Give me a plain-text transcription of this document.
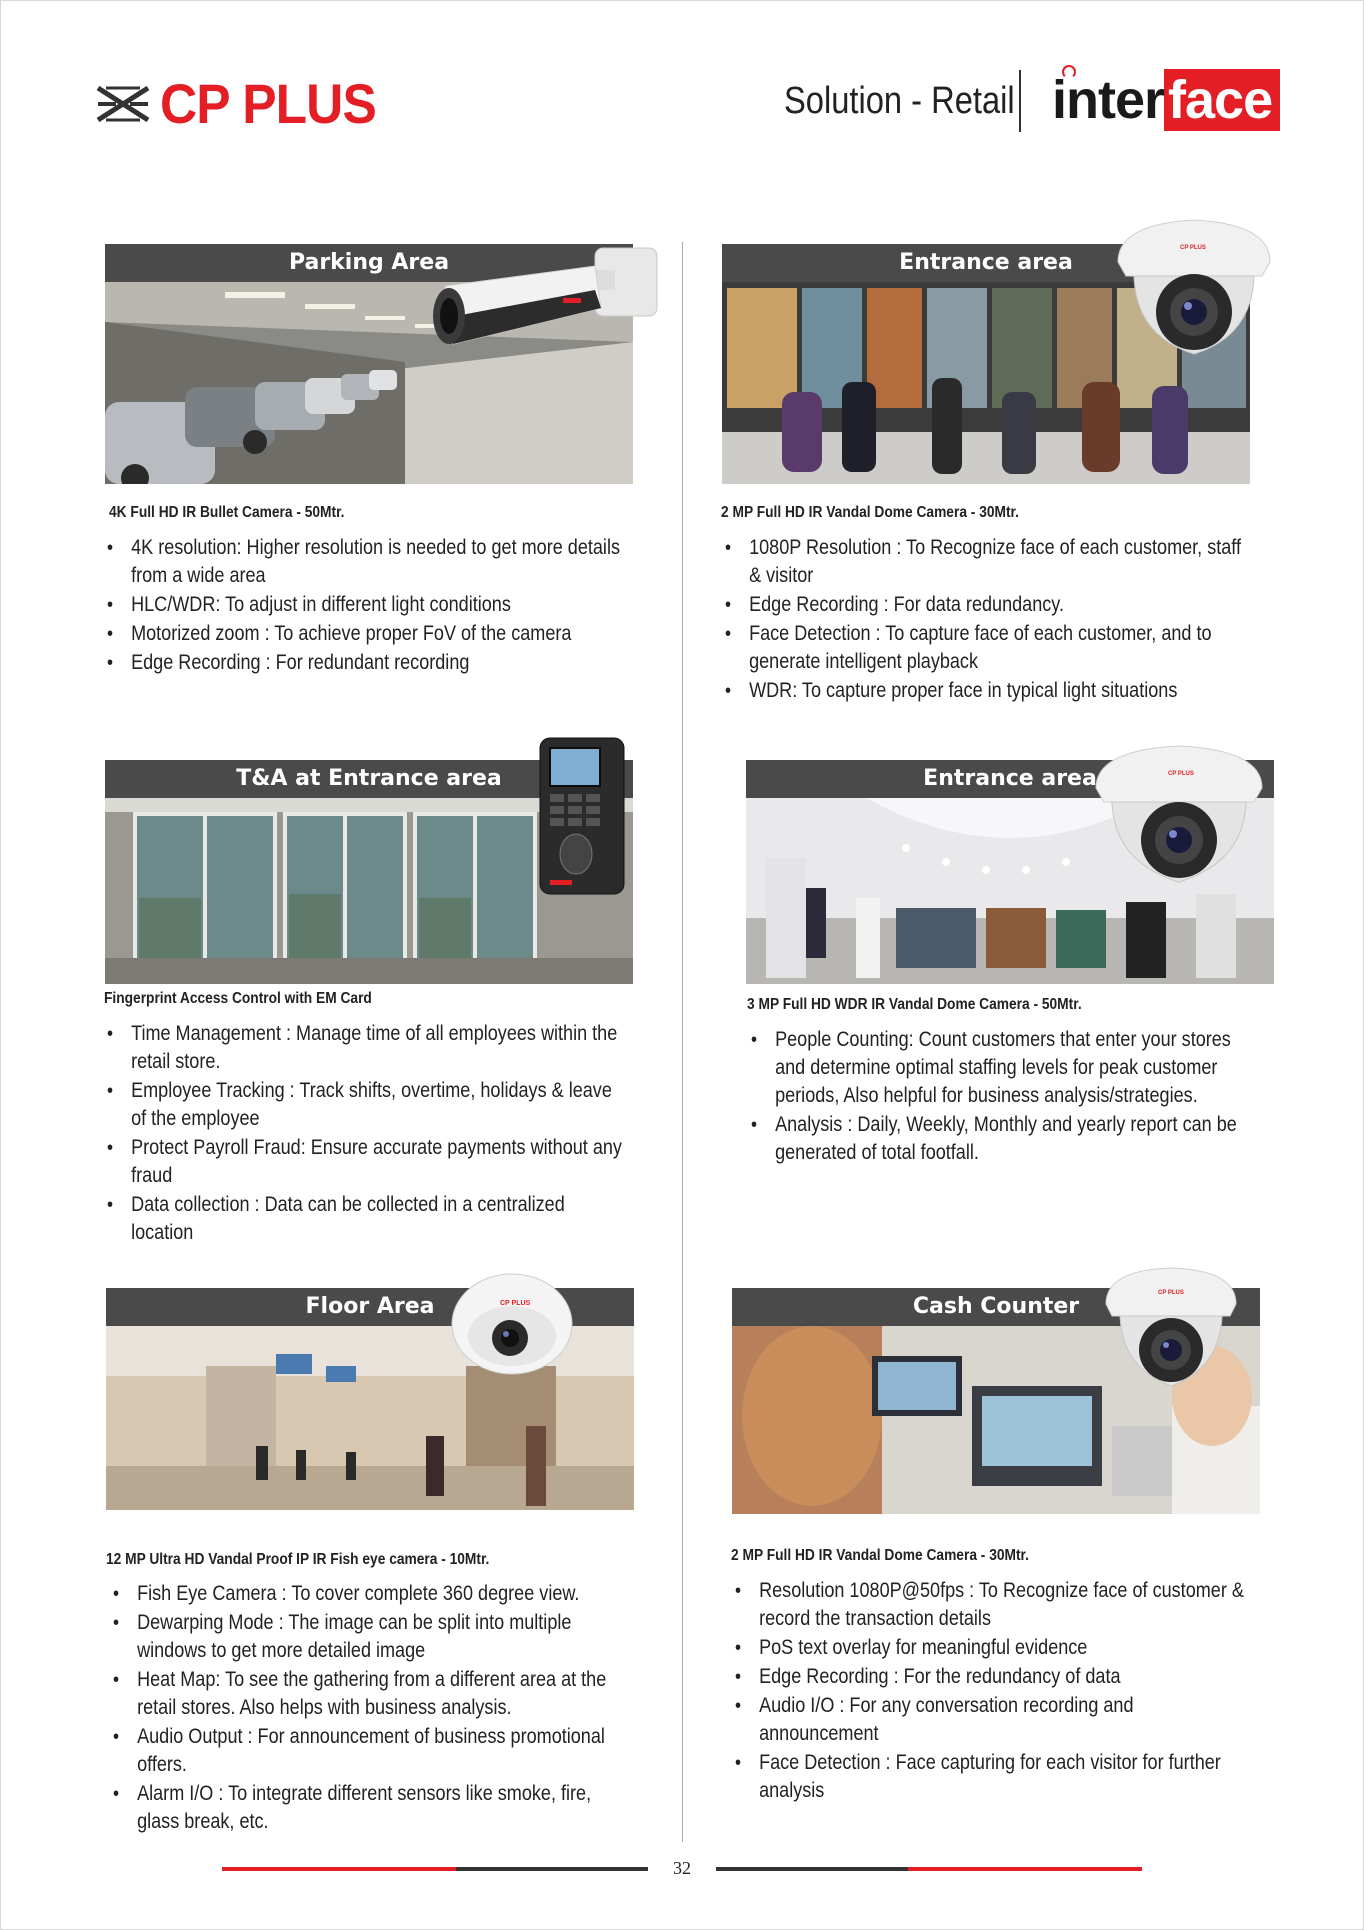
CP PLUS	Solution - Retail inter face
Parking Area
4K Full HD IR Bullet Camera - 50Mtr.
• 4K resolution: Higher resolution is needed to get more details from a wide area
• HLC/WDR: To adjust in different light conditions
• Motorized zoom : To achieve proper FoV of the camera
• Edge Recording : For redundant recording
Entrance area
CP PLUS
2 MP Full HD IR Vandal Dome Camera - 30Mtr.
• 1080P Resolution : To Recognize face of each customer, staff & visitor
• Edge Recording : For data redundancy.
• Face Detection : To capture face of each customer, and to generate intelligent playback
• WDR: To capture proper face in typical light situations
T&A at Entrance area
Fingerprint Access Control with EM Card
• Time Management : Manage time of all employees within the retail store.
• Employee Tracking : Track shifts, overtime, holidays & leave of the employee
• Protect Payroll Fraud: Ensure accurate payments without any fraud
• Data collection : Data can be collected in a centralized location
Entrance area	CP PLUS
3 MP Full HD WDR IR Vandal Dome Camera - 50Mtr.
• People Counting: Count customers that enter your stores and determine optimal staffing levels for peak customer periods, Also helpful for business analysis/strategies.
• Analysis : Daily, Weekly, Monthly and yearly report can be generated of total footfall.
Floor Area	CP PLUS
12 MP Ultra HD Vandal Proof IP IR Fish eye camera - 10Mtr.
• Fish Eye Camera : To cover complete 360 degree view.
• Dewarping Mode : The image can be split into multiple windows to get more detailed image
• Heat Map: To see the gathering from a different area at the retail stores. Also helps with business analysis.
• Audio Output : For announcement of business promotional offers.
• Alarm I/O : To integrate different sensors like smoke, fire, glass break, etc.
Cash Counter
CP PLUS
2 MP Full HD IR Vandal Dome Camera - 30Mtr.
• Resolution 1080P@50fps : To Recognize face of customer & record the transaction details
• PoS text overlay for meaningful evidence
• Edge Recording : For the redundancy of data
• Audio I/O : For any conversation recording and announcement
• Face Detection : Face capturing for each visitor for further analysis
32
